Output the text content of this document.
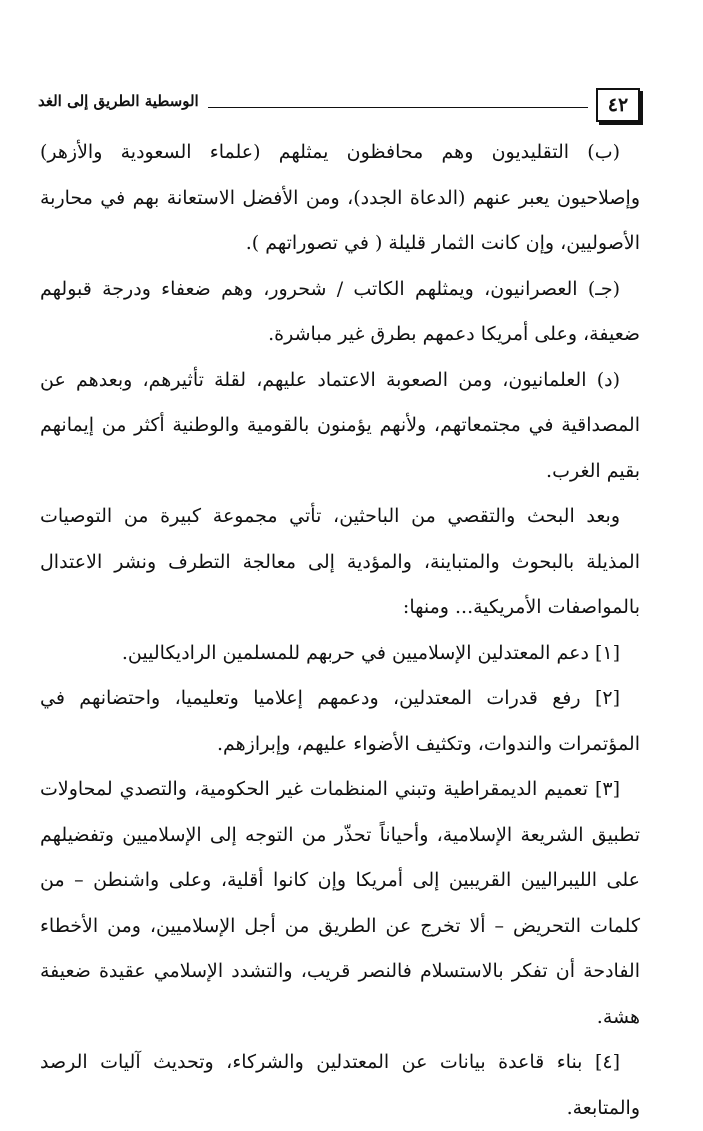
٤٢
الوسطية الطريق إلى الغد

(ب) التقليديون وهم محافظون يمثلهم (علماء السعودية والأزهر) وإصلاحيون يعبر عنهم (الدعاة الجدد)، ومن الأفضل الاستعانة بهم في محاربة الأصوليين، وإن كانت الثمار قليلة ( في تصوراتهم ).

(جـ) العصرانيون، ويمثلهم الكاتب / شحرور، وهم ضعفاء ودرجة قبولهم ضعيفة، وعلى أمريكا دعمهم بطرق غير مباشرة.

(د) العلمانيون، ومن الصعوبة الاعتماد عليهم، لقلة تأثيرهم، وبعدهم عن المصداقية في مجتمعاتهم، ولأنهم يؤمنون بالقومية والوطنية أكثر من إيمانهم بقيم الغرب.

وبعد البحث والتقصي من الباحثين، تأتي مجموعة كبيرة من التوصيات المذيلة بالبحوث والمتباينة، والمؤدية إلى معالجة التطرف ونشر الاعتدال بالمواصفات الأمريكية... ومنها:

[١] دعم المعتدلين الإسلاميين في حربهم للمسلمين الراديكاليين.

[٢] رفع قدرات المعتدلين، ودعمهم إعلاميا وتعليميا، واحتضانهم في المؤتمرات والندوات، وتكثيف الأضواء عليهم، وإبرازهم.

[٣] تعميم الديمقراطية وتبني المنظمات غير الحكومية، والتصدي لمحاولات تطبيق الشريعة الإسلامية، وأحياناً تحذّر من التوجه إلى الإسلاميين وتفضيلهم على الليبراليين القريبين إلى أمريكا وإن كانوا أقلية، وعلى واشنطن – من كلمات التحريض – ألا تخرج عن الطريق من أجل الإسلاميين، ومن الأخطاء الفادحة أن تفكر بالاستسلام فالنصر قريب، والتشدد الإسلامي عقيدة ضعيفة هشة.

[٤] بناء قاعدة بيانات عن المعتدلين والشركاء، وتحديث آليات الرصد والمتابعة.
